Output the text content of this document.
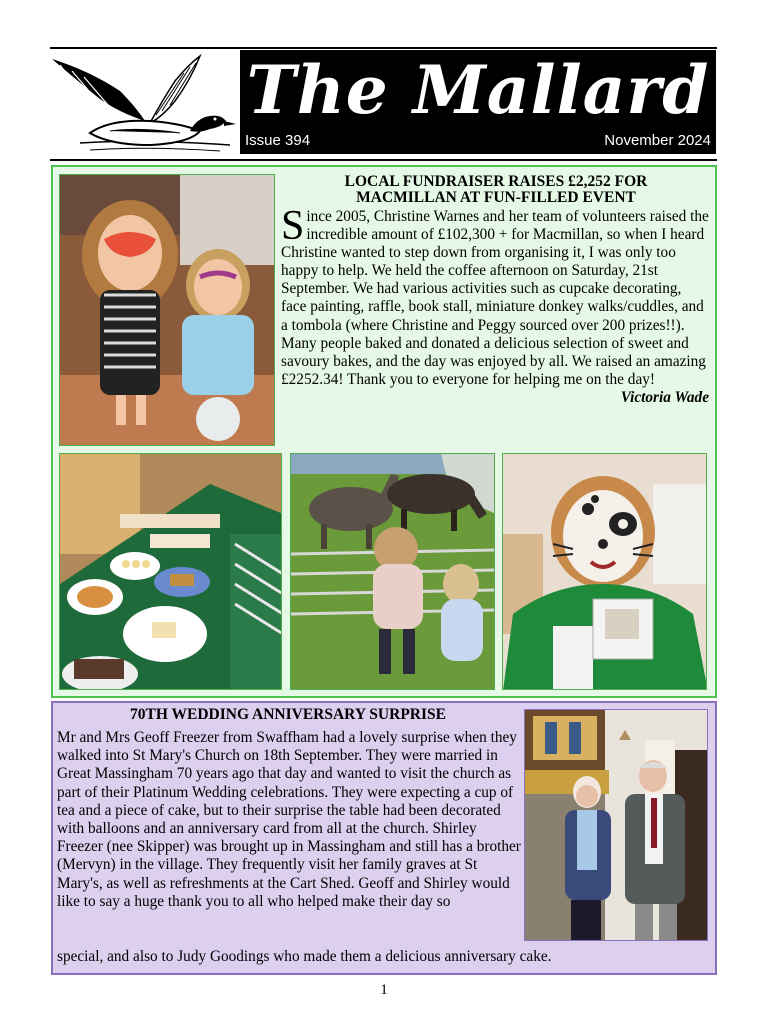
The Mallard
Issue 394	November 2024
LOCAL FUNDRAISER RAISES £2,252 FOR
MACMILLAN AT FUN-FILLED EVENT
Since 2005, Christine Warnes and her team of volunteers raised the incredible amount of £102,300 + for Macmillan, so when I heard Christine wanted to step down from organising it, I was only too happy to help. We held the coffee afternoon on Saturday, 21st September. We had various activities such as cupcake decorating, face painting, raffle, book stall, miniature donkey walks/cuddles, and a tombola (where Christine and Peggy sourced over 200 prizes!!).
Many people baked and donated a delicious selection of sweet and savoury bakes, and the day was enjoyed by all. We raised an amazing £2252.34! Thank you to everyone for helping me on the day!
Victoria Wade
70TH WEDDING ANNIVERSARY SURPRISE
Mr and Mrs Geoff Freezer from Swaffham had a lovely surprise when they walked into St Mary's Church on 18th September. They were married in Great Massingham 70 years ago that day and wanted to visit the church as part of their Platinum Wedding celebrations. They were expecting a cup of tea and a piece of cake, but to their surprise the table had been decorated with balloons and an anniversary card from all at the church. Shirley Freezer (nee Skipper) was brought up in Massingham and still has a brother (Mervyn) in the village. They frequently visit her family graves at St Mary's, as well as refreshments at the Cart Shed. Geoff and Shirley would like to say a huge thank you to all who helped make their day so
special, and also to Judy Goodings who made them a delicious anniversary cake.
1
